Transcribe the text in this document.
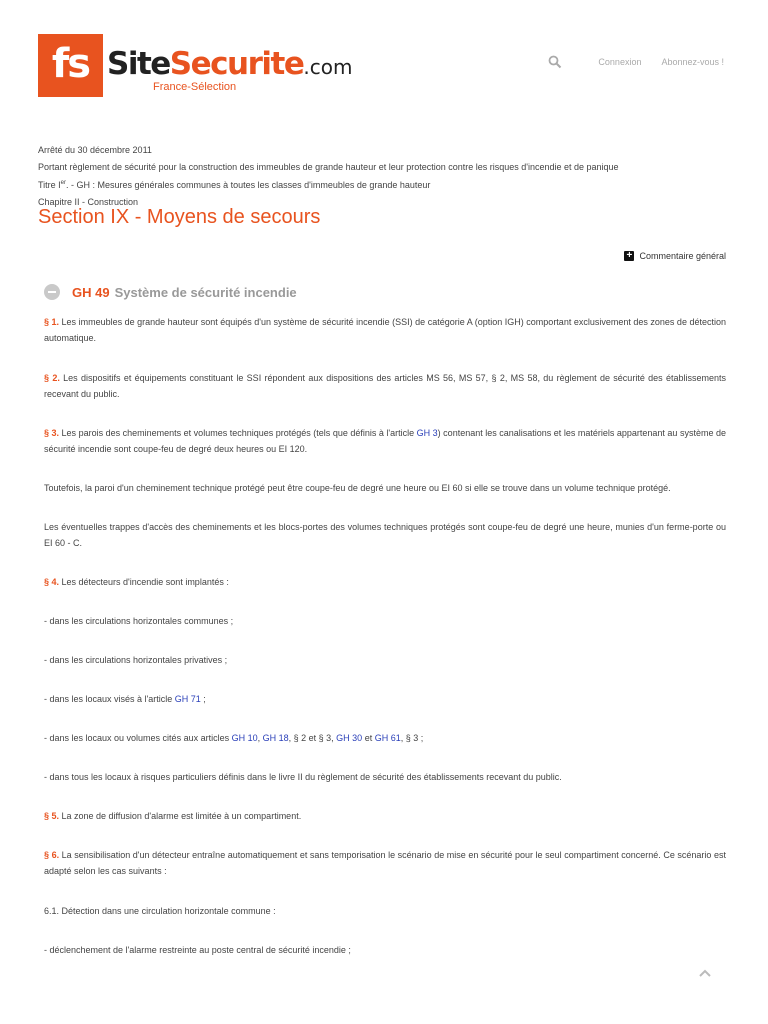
fs SiteSecurite.com
France-Sélection
Connexion Abonnez-vous !
Arrêté du 30 décembre 2011
Portant règlement de sécurité pour la construction des immeubles de grande hauteur et leur protection contre les risques d'incendie et de panique
Titre Ier. - GH : Mesures générales communes à toutes les classes d'immeubles de grande hauteur
Chapitre II - Construction
Section IX - Moyens de secours
+ Commentaire général
GH 49 Système de sécurité incendie

§ 1. Les immeubles de grande hauteur sont équipés d'un système de sécurité incendie (SSI) de catégorie A (option IGH) comportant exclusivement des zones de détection automatique.

§ 2. Les dispositifs et équipements constituant le SSI répondent aux dispositions des articles MS 56, MS 57, § 2, MS 58, du règlement de sécurité des établissements recevant du public.

§ 3. Les parois des cheminements et volumes techniques protégés (tels que définis à l'article GH 3) contenant les canalisations et les matériels appartenant au système de sécurité incendie sont coupe-feu de degré deux heures ou EI 120.

Toutefois, la paroi d'un cheminement technique protégé peut être coupe-feu de degré une heure ou EI 60 si elle se trouve dans un volume technique protégé.

Les éventuelles trappes d'accès des cheminements et les blocs-portes des volumes techniques protégés sont coupe-feu de degré une heure, munies d'un ferme-porte ou EI 60 - C.

§ 4. Les détecteurs d'incendie sont implantés :

- dans les circulations horizontales communes ;

- dans les circulations horizontales privatives ;

- dans les locaux visés à l'article GH 71 ;

- dans les locaux ou volumes cités aux articles GH 10, GH 18, § 2 et § 3, GH 30 et GH 61, § 3 ;

- dans tous les locaux à risques particuliers définis dans le livre II du règlement de sécurité des établissements recevant du public.

§ 5. La zone de diffusion d'alarme est limitée à un compartiment.

§ 6. La sensibilisation d'un détecteur entraîne automatiquement et sans temporisation le scénario de mise en sécurité pour le seul compartiment concerné. Ce scénario est adapté selon les cas suivants :

6.1. Détection dans une circulation horizontale commune :

- déclenchement de l'alarme restreinte au poste central de sécurité incendie ;
